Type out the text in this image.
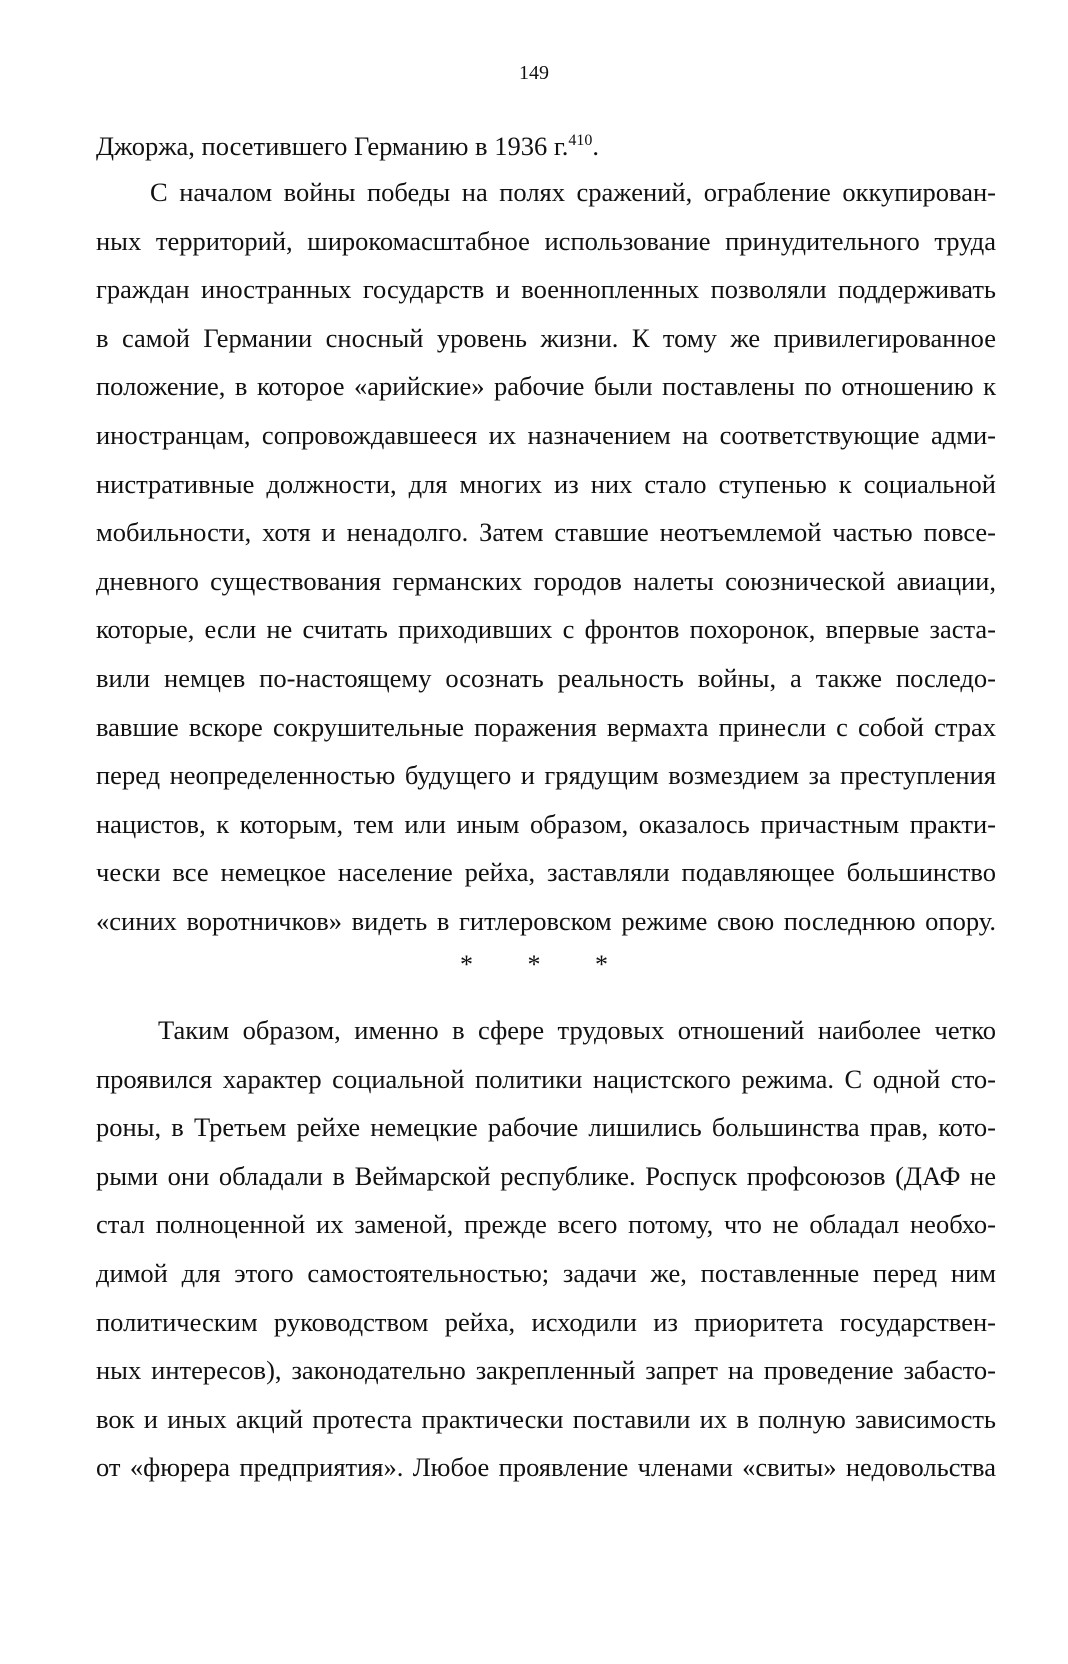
149
Джоржа, посетившего Германию в 1936 г.$^{410}$.
С началом войны победы на полях сражений, ограбление оккупирован-
ных территорий, широкомасштабное использование принудительного труда
граждан иностранных государств и военнопленных позволяли поддерживать
в самой Германии сносный уровень жизни. К тому же привилегированное
положение, в которое «арийские» рабочие были поставлены по отношению к
иностранцам, сопровождавшееся их назначением на соответствующие адми-
нистративные должности, для многих из них стало ступенью к социальной
мобильности, хотя и ненадолго. Затем ставшие неотъемлемой частью повсе-
дневного существования германских городов налеты союзнической авиации,
которые, если не считать приходивших с фронтов похоронок, впервые заста-
вили немцев по-настоящему осознать реальность войны, а также последо-
вавшие вскоре сокрушительные поражения вермахта принесли с собой страх
перед неопределенностью будущего и грядущим возмездием за преступления
нацистов, к которым, тем или иным образом, оказалось причастным практи-
чески все немецкое население рейха, заставляли подавляющее большинство
«синих воротничков» видеть в гитлеровском режиме свою последнюю опору.
* * *
Таким образом, именно в сфере трудовых отношений наиболее четко
проявился характер социальной политики нацистского режима. С одной сто-
роны, в Третьем рейхе немецкие рабочие лишились большинства прав, кото-
рыми они обладали в Веймарской республике. Роспуск профсоюзов (ДАФ не
стал полноценной их заменой, прежде всего потому, что не обладал необхо-
димой для этого самостоятельностью; задачи же, поставленные перед ним
политическим руководством рейха, исходили из приоритета государствен-
ных интересов), законодательно закрепленный запрет на проведение забасто-
вок и иных акций протеста практически поставили их в полную зависимость
от «фюрера предприятия». Любое проявление членами «свиты» недовольства
